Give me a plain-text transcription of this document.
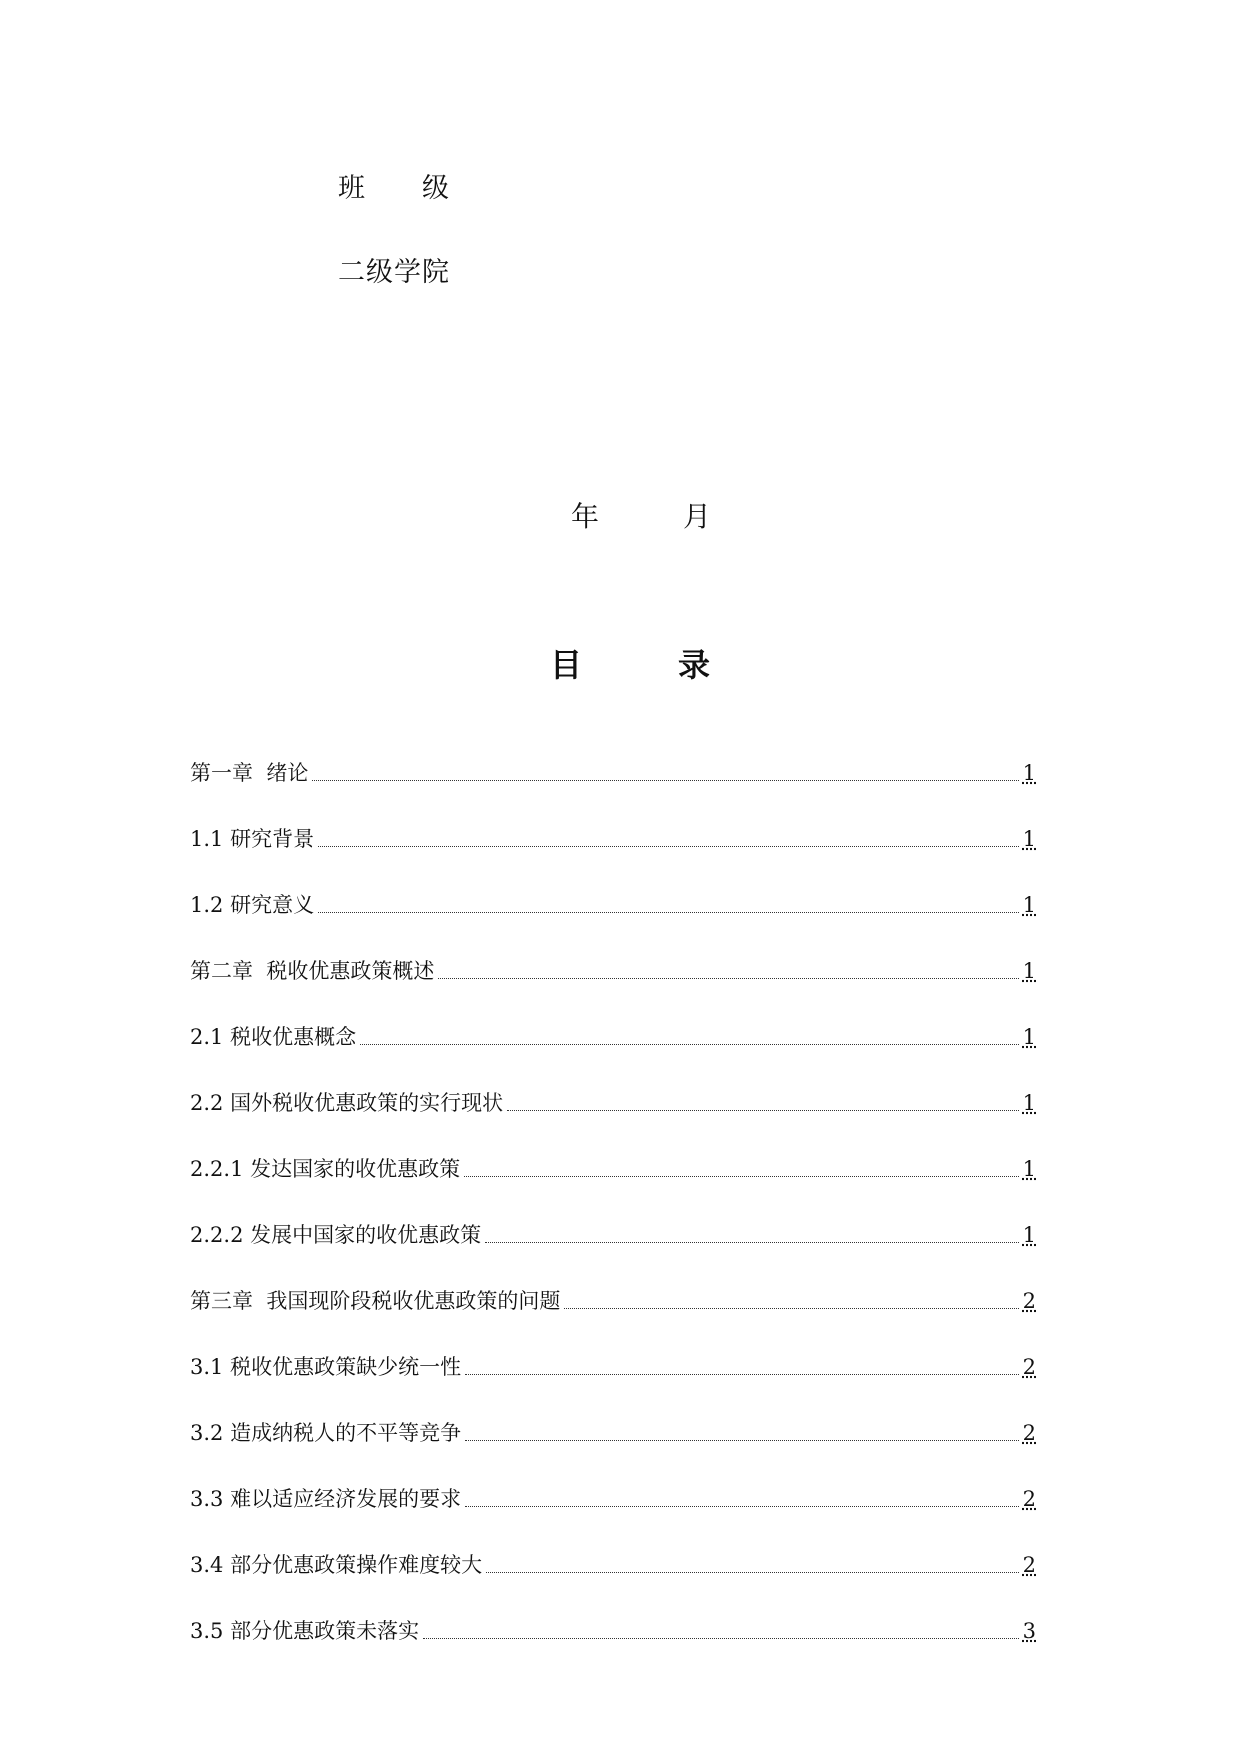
班　　级
二级学院
年　　　月
目　　　录
第一章  绪论	1
1.1 研究背景	1
1.2 研究意义	1
第二章  税收优惠政策概述	1
2.1 税收优惠概念	1
2.2 国外税收优惠政策的实行现状	1
2.2.1 发达国家的收优惠政策	1
2.2.2 发展中国家的收优惠政策	1
第三章  我国现阶段税收优惠政策的问题	2
3.1 税收优惠政策缺少统一性	2
3.2 造成纳税人的不平等竞争	2
3.3 难以适应经济发展的要求	2
3.4 部分优惠政策操作难度较大	2
3.5 部分优惠政策未落实	3
